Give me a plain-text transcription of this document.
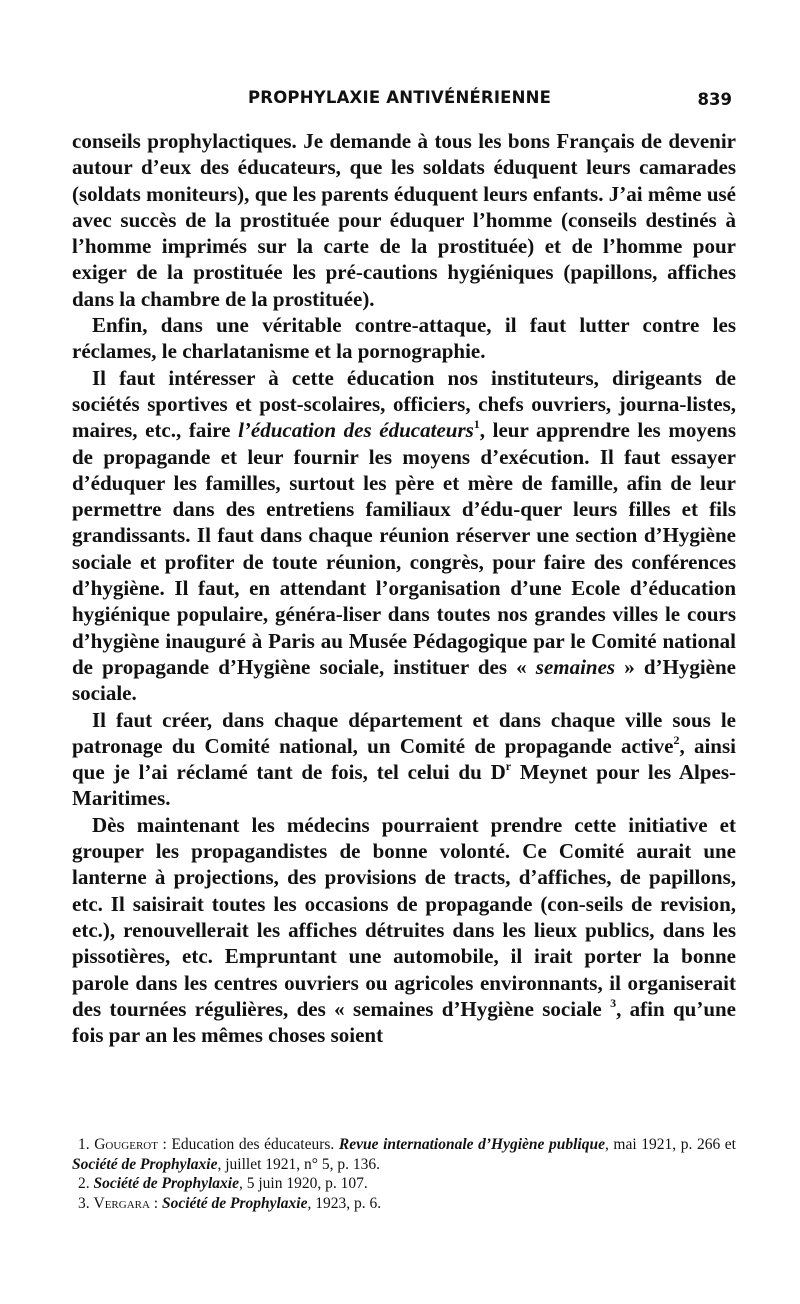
PROPHYLAXIE ANTIVÉNÉRIENNE	839

conseils prophylactiques. Je demande à tous les bons Français de devenir autour d’eux des éducateurs, que les soldats éduquent leurs camarades (soldats moniteurs), que les parents éduquent leurs enfants. J’ai même usé avec succès de la prostituée pour éduquer l’homme (conseils destinés à l’homme imprimés sur la carte de la prostituée) et de l’homme pour exiger de la prostituée les pré-cautions hygiéniques (papillons, affiches dans la chambre de la prostituée).

Enfin, dans une véritable contre-attaque, il faut lutter contre les réclames, le charlatanisme et la pornographie.

Il faut intéresser à cette éducation nos instituteurs, dirigeants de sociétés sportives et post-scolaires, officiers, chefs ouvriers, journa-listes, maires, etc., faire l’éducation des éducateurs$^1$, leur apprendre les moyens de propagande et leur fournir les moyens d’exécution. Il faut essayer d’éduquer les familles, surtout les père et mère de famille, afin de leur permettre dans des entretiens familiaux d’édu-quer leurs filles et fils grandissants. Il faut dans chaque réunion réserver une section d’Hygiène sociale et profiter de toute réunion, congrès, pour faire des conférences d’hygiène. Il faut, en attendant l’organisation d’une Ecole d’éducation hygiénique populaire, généra-liser dans toutes nos grandes villes le cours d’hygiène inauguré à Paris au Musée Pédagogique par le Comité national de propagande d’Hygiène sociale, instituer des « semaines » d’Hygiène sociale.

Il faut créer, dans chaque département et dans chaque ville sous le patronage du Comité national, un Comité de propagande active$^2$, ainsi que je l’ai réclamé tant de fois, tel celui du $D^r$ Meynet pour les Alpes-Maritimes.

Dès maintenant les médecins pourraient prendre cette initiative et grouper les propagandistes de bonne volonté. Ce Comité aurait une lanterne à projections, des provisions de tracts, d’affiches, de papillons, etc. Il saisirait toutes les occasions de propagande (con-seils de revision, etc.), renouvellerait les affiches détruites dans les lieux publics, dans les pissotières, etc. Empruntant une automobile, il irait porter la bonne parole dans les centres ouvriers ou agricoles environnants, il organiserait des tournées régulières, des « semaines d’Hygiène sociale $^3$, afin qu’une fois par an les mêmes choses soient

1. Gougerot : Education des éducateurs. Revue internationale d’Hygiène publique, mai 1921, p. 266 et Société de Prophylaxie, juillet 1921, n° 5, p. 136.

2. Société de Prophylaxie, 5 juin 1920, p. 107.

3. Vergara : Société de Prophylaxie, 1923, p. 6.
